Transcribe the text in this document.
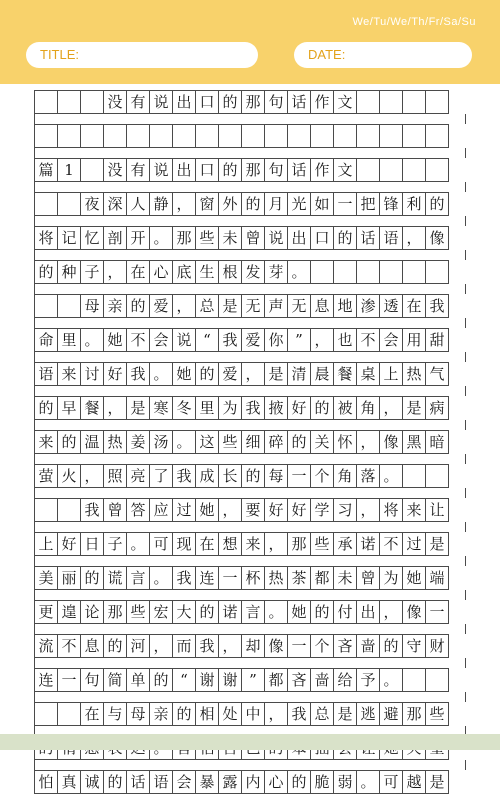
We/Tu/We/Th/Fr/Sa/Su
TITLE:	DATE:
没 有 说 出 口 的 那 句 话 作 文
篇 1	没 有 说 出 口 的 那 句 话 作 文
夜 深 人 静 ， 窗 外 的 月 光 如 一 把 锋 利 的
将 记 忆 剖 开 。 那 些 未 曾 说 出 口 的 话 语 ， 像
的 种 子 ， 在 心 底 生 根 发 芽 。
母 亲 的 爱 ， 总 是 无 声 无 息 地 渗 透 在 我
命 里 。 她 不 会 说 “ 我 爱 你 ” ， 也 不 会 用 甜
语 来 讨 好 我 。 她 的 爱 ， 是 清 晨 餐 桌 上 热 气
的 早 餐 ， 是 寒 冬 里 为 我 掖 好 的 被 角 ， 是 病
来 的 温 热 姜 汤 。 这 些 细 碎 的 关 怀 ， 像 黑 暗
萤 火 ， 照 亮 了 我 成 长 的 每 一 个 角 落 。
我 曾 答 应 过 她 ， 要 好 好 学 习 ， 将 来 让
上 好 日 子 。 可 现 在 想 来 ， 那 些 承 诺 不 过 是
美 丽 的 谎 言 。 我 连 一 杯 热 茶 都 未 曾 为 她 端
更 遑 论 那 些 宏 大 的 诺 言 。 她 的 付 出 ， 像 一
流 不 息 的 河 ， 而 我 ， 却 像 一 个 吝 啬 的 守 财
连 一 句 简 单 的 “ 谢 谢 ” 都 吝 啬 给 予 。
在 与 母 亲 的 相 处 中 ， 我 总 是 逃 避 那 些
怕 真 诚 的 话 语 会 暴 露 内 心 的 脆 弱 。 可 越 是
